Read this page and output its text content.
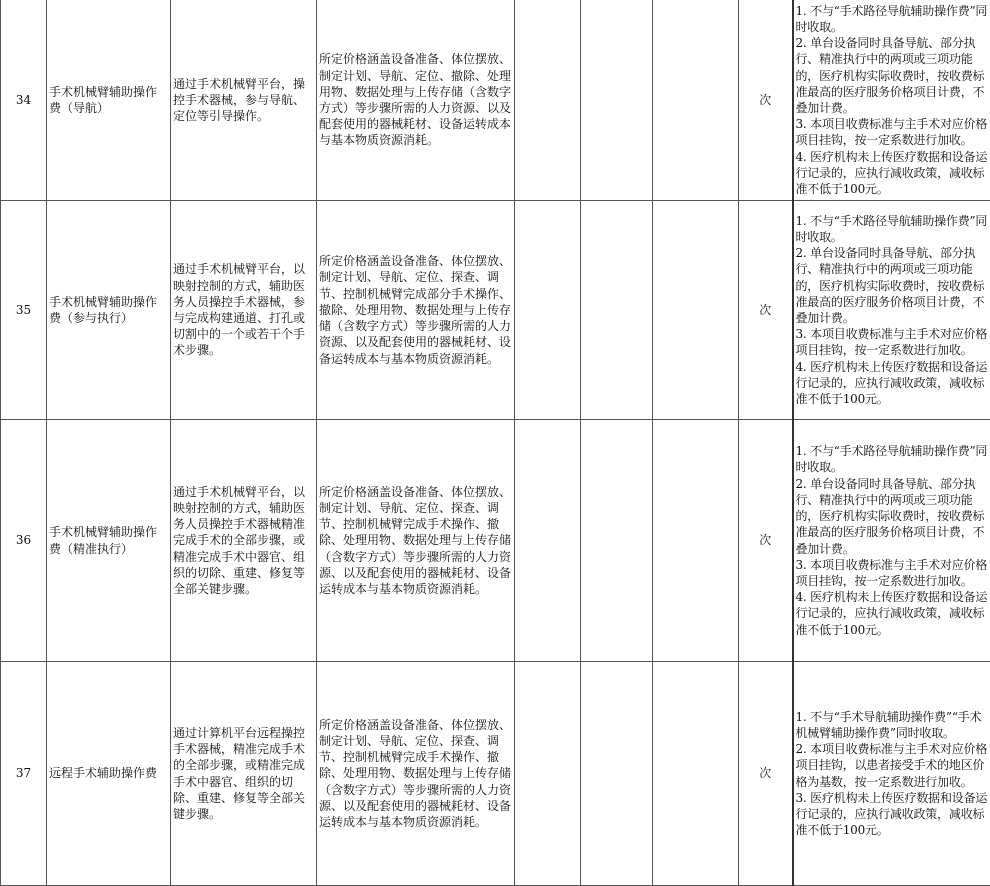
34	手术机械臂辅助操作费（导航）	通过手术机械臂平台，操控手术器械，参与导航、定位等引导操作。	所定价格涵盖设备准备、体位摆放、制定计划、导航、定位、撤除、处理用物、数据处理与上传存储（含数字方式）等步骤所需的人力资源、以及配套使用的器械耗材、设备运转成本与基本物质资源消耗。				次	1. 不与“手术路径导航辅助操作费”同时收取。
2. 单台设备同时具备导航、部分执行、精准执行中的两项或三项功能的，医疗机构实际收费时，按收费标准最高的医疗服务价格项目计费，不叠加计费。
3. 本项目收费标准与主手术对应价格项目挂钩，按一定系数进行加收。
4. 医疗机构未上传医疗数据和设备运行记录的，应执行减收政策，减收标准不低于100元。

35	手术机械臂辅助操作费（参与执行）	通过手术机械臂平台，以映射控制的方式，辅助医务人员操控手术器械，参与完成构建通道、打孔或切割中的一个或若干个手术步骤。	所定价格涵盖设备准备、体位摆放、制定计划、导航、定位、探查、调节、控制机械臂完成部分手术操作、撤除、处理用物、数据处理与上传存储（含数字方式）等步骤所需的人力资源、以及配套使用的器械耗材、设备运转成本与基本物质资源消耗。				次	1. 不与“手术路径导航辅助操作费”同时收取。
2. 单台设备同时具备导航、部分执行、精准执行中的两项或三项功能的，医疗机构实际收费时，按收费标准最高的医疗服务价格项目计费，不叠加计费。
3. 本项目收费标准与主手术对应价格项目挂钩，按一定系数进行加收。
4. 医疗机构未上传医疗数据和设备运行记录的，应执行减收政策，减收标准不低于100元。

36	手术机械臂辅助操作费（精准执行）	通过手术机械臂平台，以映射控制的方式，辅助医务人员操控手术器械精准完成手术的全部步骤，或精准完成手术中器官、组织的切除、重建、修复等全部关键步骤。	所定价格涵盖设备准备、体位摆放、制定计划、导航、定位、探查、调节、控制机械臂完成手术操作、撤除、处理用物、数据处理与上传存储（含数字方式）等步骤所需的人力资源、以及配套使用的器械耗材、设备运转成本与基本物质资源消耗。				次	1. 不与“手术路径导航辅助操作费”同时收取。
2. 单台设备同时具备导航、部分执行、精准执行中的两项或三项功能的，医疗机构实际收费时，按收费标准最高的医疗服务价格项目计费，不叠加计费。
3. 本项目收费标准与主手术对应价格项目挂钩，按一定系数进行加收。
4. 医疗机构未上传医疗数据和设备运行记录的，应执行减收政策，减收标准不低于100元。

37	远程手术辅助操作费	通过计算机平台远程操控手术器械，精准完成手术的全部步骤，或精准完成手术中器官、组织的切除、重建、修复等全部关键步骤。	所定价格涵盖设备准备、体位摆放、制定计划、导航、定位、探查、调节、控制机械臂完成手术操作、撤除、处理用物、数据处理与上传存储（含数字方式）等步骤所需的人力资源、以及配套使用的器械耗材、设备运转成本与基本物质资源消耗。				次	1. 不与“手术导航辅助操作费”“手术机械臂辅助操作费”同时收取。
2. 本项目收费标准与主手术对应价格项目挂钩，以患者接受手术的地区价格为基数，按一定系数进行加收。
3. 医疗机构未上传医疗数据和设备运行记录的，应执行减收政策，减收标准不低于100元。
